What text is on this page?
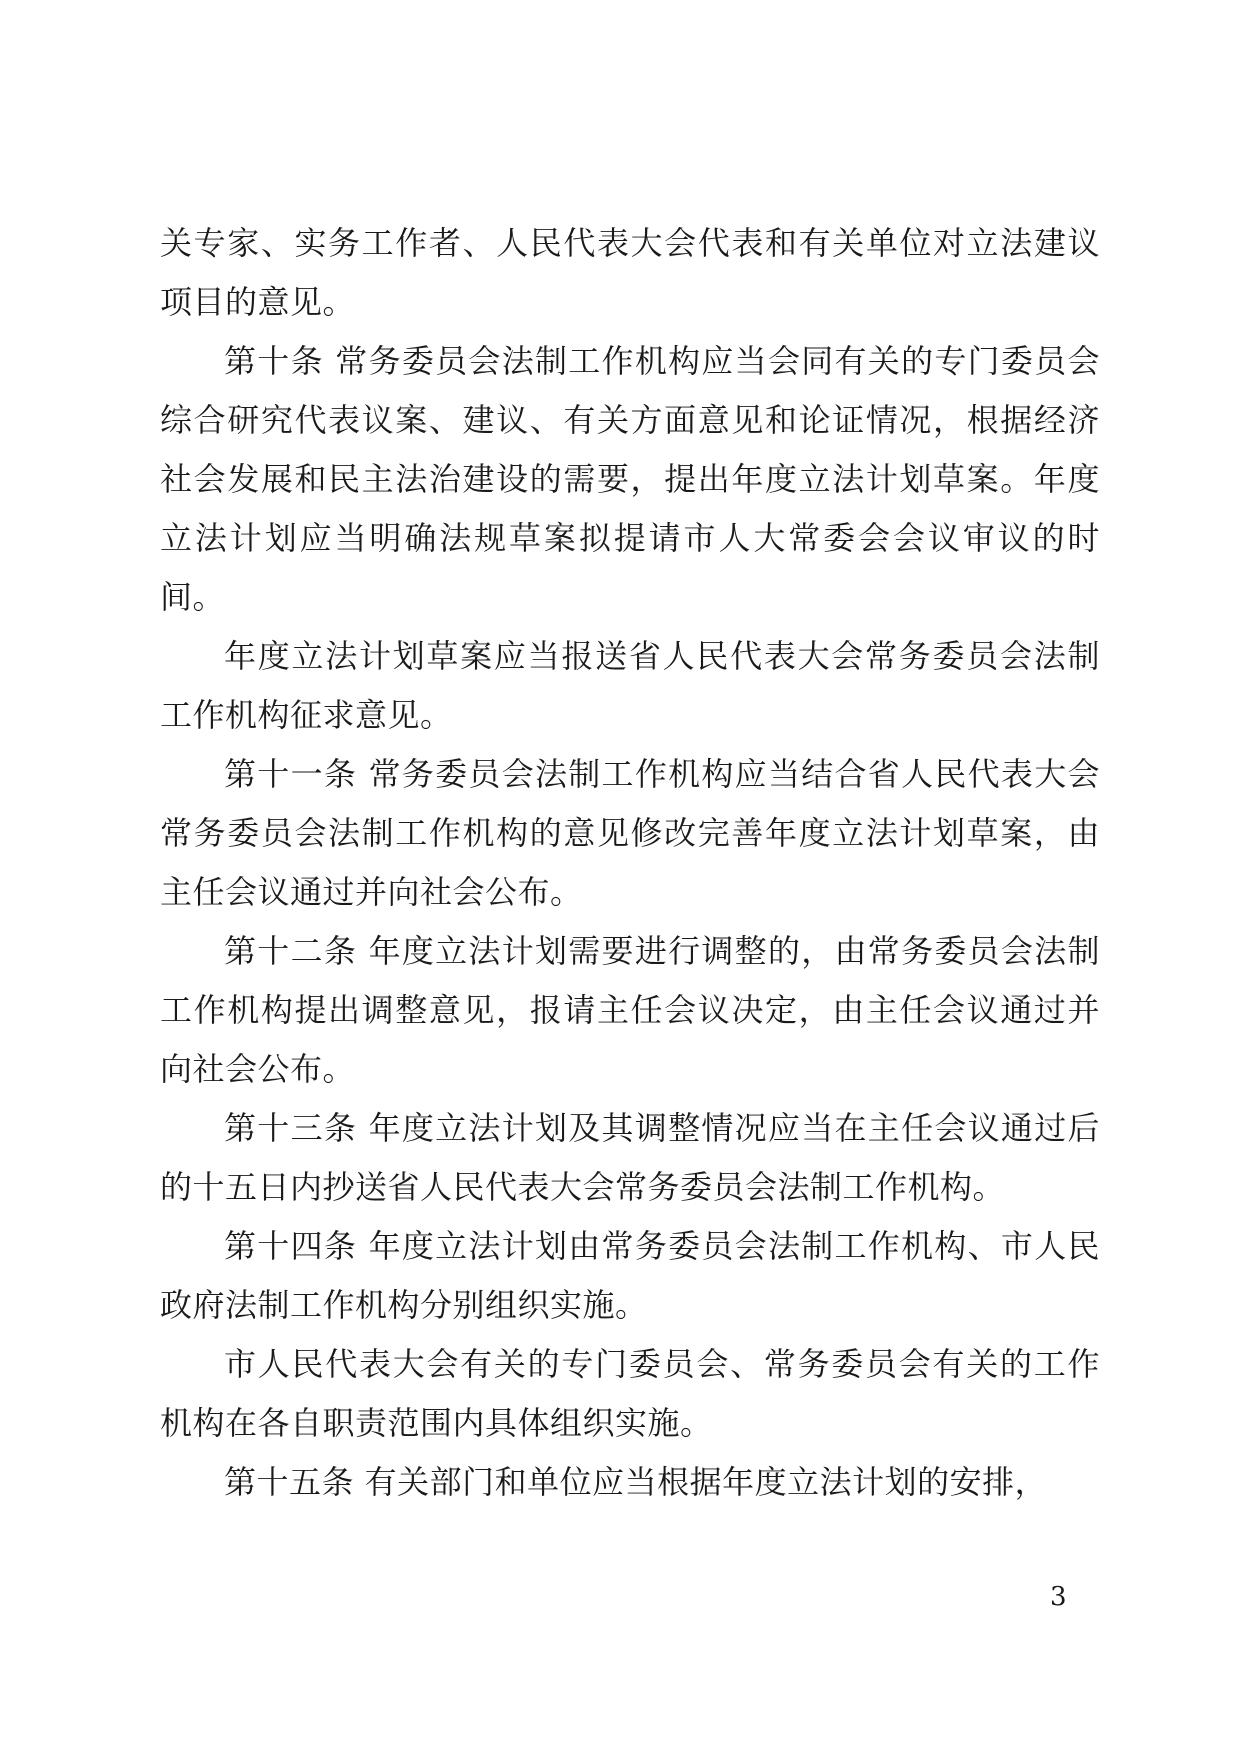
关专家、实务工作者、人民代表大会代表和有关单位对立法建议项目的意见。

第十条 常务委员会法制工作机构应当会同有关的专门委员会综合研究代表议案、建议、有关方面意见和论证情况，根据经济社会发展和民主法治建设的需要，提出年度立法计划草案。年度立法计划应当明确法规草案拟提请市人大常委会会议审议的时间。

年度立法计划草案应当报送省人民代表大会常务委员会法制工作机构征求意见。

第十一条 常务委员会法制工作机构应当结合省人民代表大会常务委员会法制工作机构的意见修改完善年度立法计划草案，由主任会议通过并向社会公布。

第十二条 年度立法计划需要进行调整的，由常务委员会法制工作机构提出调整意见，报请主任会议决定，由主任会议通过并向社会公布。

第十三条 年度立法计划及其调整情况应当在主任会议通过后的十五日内抄送省人民代表大会常务委员会法制工作机构。

第十四条 年度立法计划由常务委员会法制工作机构、市人民政府法制工作机构分别组织实施。

市人民代表大会有关的专门委员会、常务委员会有关的工作机构在各自职责范围内具体组织实施。

第十五条 有关部门和单位应当根据年度立法计划的安排，

3
